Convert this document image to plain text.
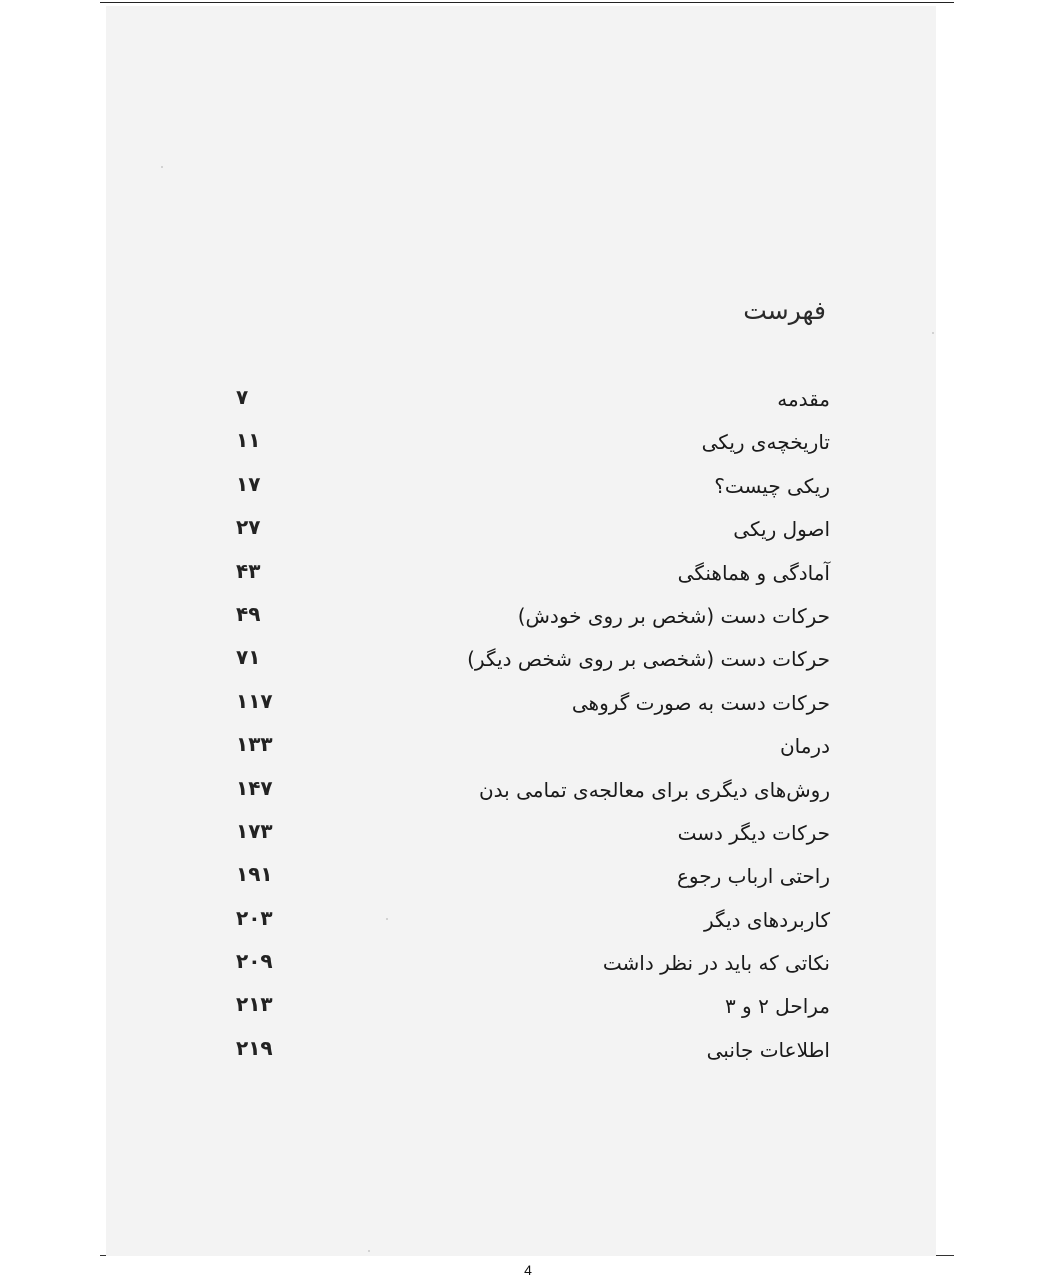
فهرست
مقدمه
۷
تاریخچه‌ی ریکی
۱۱
ریکی چیست؟
۱۷
اصول ریکی
۲۷
آمادگی و هماهنگی
۴۳
حرکات دست (شخص بر روی خودش)
۴۹
حرکات دست (شخصی بر روی شخص دیگر)
۷۱
حرکات دست به صورت گروهی
۱۱۷
درمان
۱۳۳
روش‌های دیگری برای معالجه‌ی تمامی بدن
۱۴۷
حرکات دیگر دست
۱۷۳
راحتی ارباب رجوع
۱۹۱
کاربردهای دیگر
۲۰۳
نکاتی که باید در نظر داشت
۲۰۹
مراحل ۲ و ۳
۲۱۳
اطلاعات جانبی
۲۱۹
4
